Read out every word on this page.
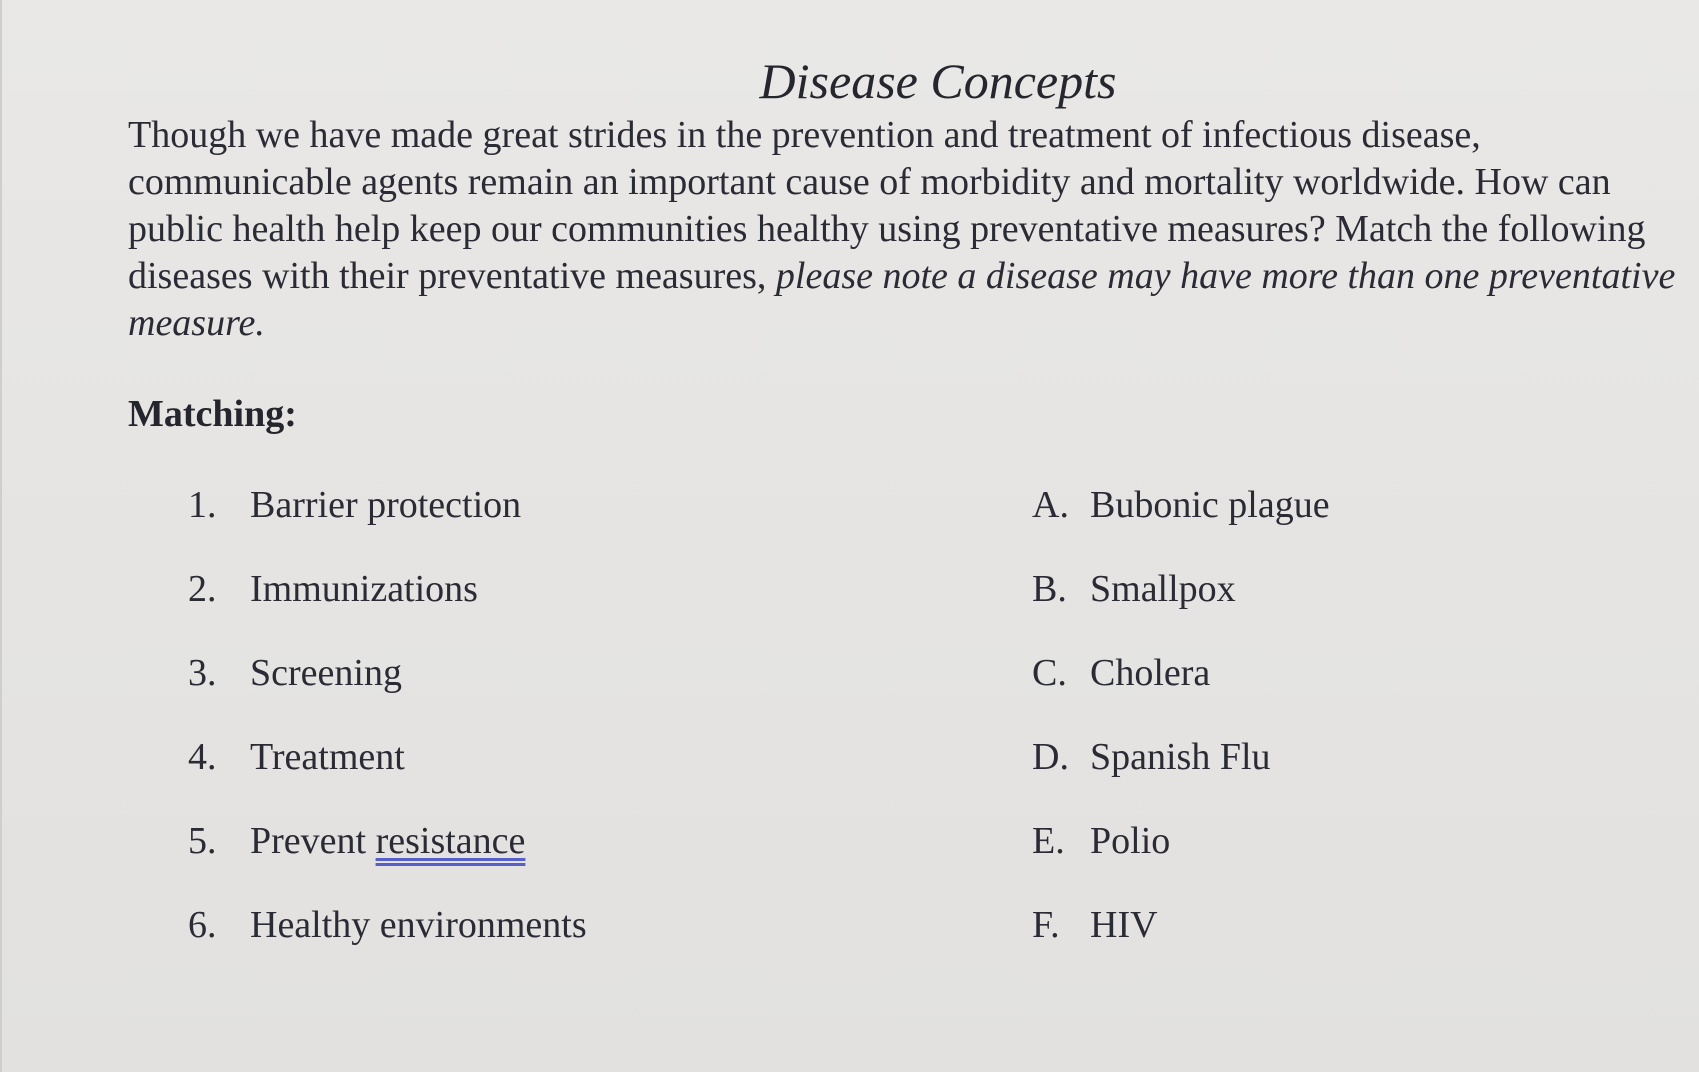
Disease Concepts

Though we have made great strides in the prevention and treatment of infectious disease, communicable agents remain an important cause of morbidity and mortality worldwide. How can public health help keep our communities healthy using preventative measures? Match the following diseases with their preventative measures, please note a disease may have more than one preventative measure.

Matching:
1. Barrier protection
2. Immunizations
3. Screening
4. Treatment
5. Prevent resistance
6. Healthy environments
A. Bubonic plague
B. Smallpox
C. Cholera
D. Spanish Flu
E. Polio
F. HIV
